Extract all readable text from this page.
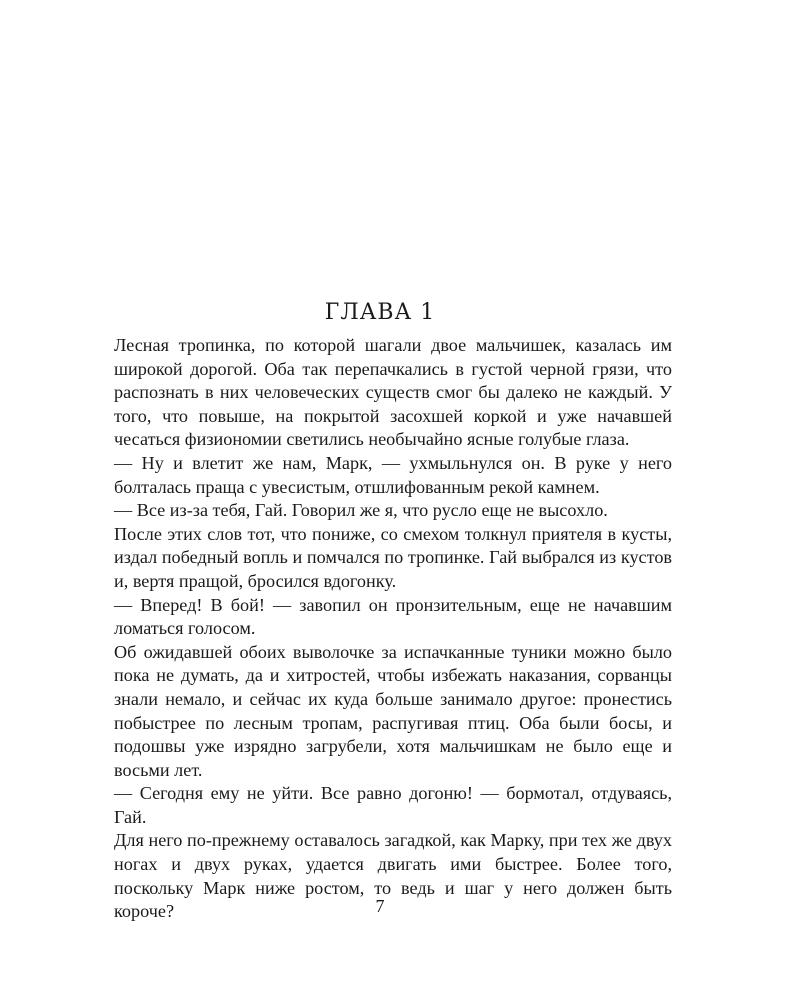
ГЛАВА 1

Лесная тропинка, по которой шагали двое мальчишек, казалась им широкой дорогой. Оба так перепачкались в густой черной грязи, что распознать в них человеческих существ смог бы далеко не каждый. У того, что повыше, на покрытой засохшей коркой и уже начавшей чесаться физиономии светились необычайно ясные голубые глаза.

— Ну и влетит же нам, Марк, — ухмыльнулся он. В руке у него болталась праща с увесистым, отшлифованным рекой камнем.

— Все из-за тебя, Гай. Говорил же я, что русло еще не высохло.

После этих слов тот, что пониже, со смехом толкнул приятеля в кусты, издал победный вопль и помчался по тропинке. Гай выбрался из кустов и, вертя пращой, бросился вдогонку.

— Вперед! В бой! — завопил он пронзительным, еще не начавшим ломаться голосом.

Об ожидавшей обоих выволочке за испачканные туники можно было пока не думать, да и хитростей, чтобы избежать наказания, сорванцы знали немало, и сейчас их куда больше занимало другое: пронестись побыстрее по лесным тропам, распугивая птиц. Оба были босы, и подошвы уже изрядно загрубели, хотя мальчишкам не было еще и восьми лет.

— Сегодня ему не уйти. Все равно догоню! — бормотал, отдуваясь, Гай.

Для него по-прежнему оставалось загадкой, как Марку, при тех же двух ногах и двух руках, удается двигать ими быстрее. Более того, поскольку Марк ниже ростом, то ведь и шаг у него должен быть короче?	7
